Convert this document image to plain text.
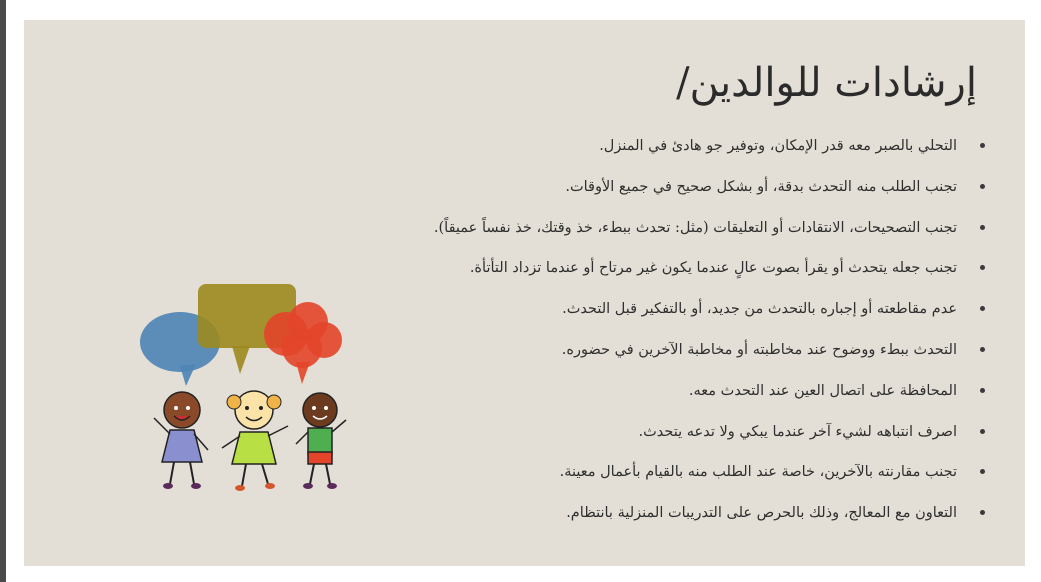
إرشادات للوالدين/
التحلي بالصبر معه قدر الإمكان، وتوفير جو هادئ في المنزل.
تجنب الطلب منه التحدث بدقة، أو بشكل صحيح في جميع الأوقات.
تجنب التصحيحات، الانتقادات أو التعليقات (مثل: تحدث ببطء، خذ وقتك، خذ نفساً عميقاً).
تجنب جعله يتحدث أو يقرأ بصوت عالٍ عندما يكون غير مرتاح أو عندما تزداد التأتأة.
عدم مقاطعته أو إجباره بالتحدث من جديد، أو بالتفكير قبل التحدث.
التحدث ببطء ووضوح عند مخاطبته أو مخاطبة الآخرين في حضوره.
المحافظة على اتصال العين عند التحدث معه.
اصرف انتباهه لشيء آخر عندما يبكي ولا تدعه يتحدث.
تجنب مقارنته بالآخرين، خاصة عند الطلب منه بالقيام بأعمال معينة.
التعاون مع المعالج، وذلك بالحرص على التدريبات المنزلية بانتظام.
